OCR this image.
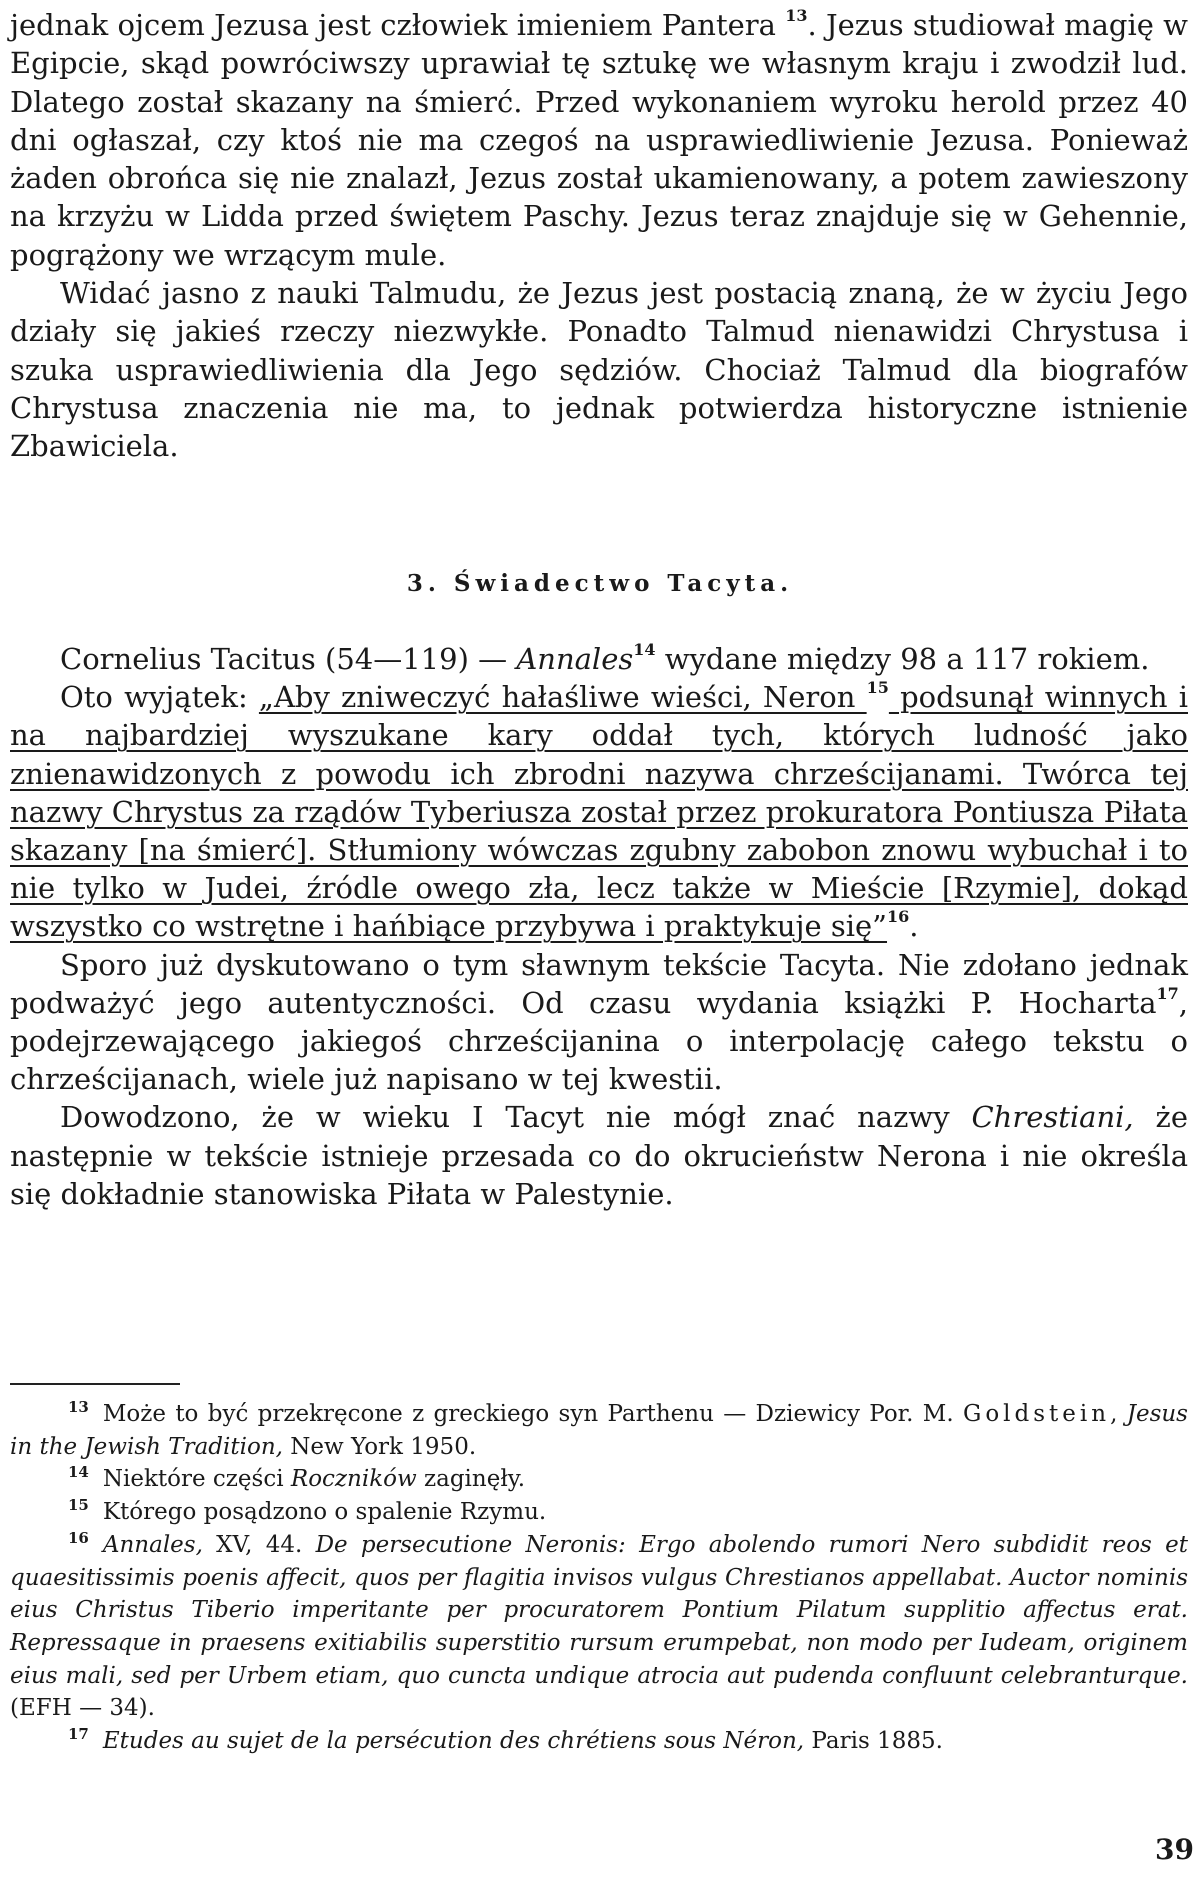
jednak ojcem Jezusa jest człowiek imieniem Pantera $^{13}$. Jezus studiował magię w Egipcie, skąd powróciwszy uprawiał tę sztukę we własnym kraju i zwodził lud. Dlatego został skazany na śmierć. Przed wykonaniem wyroku herold przez 40 dni ogłaszał, czy ktoś nie ma czegoś na usprawiedliwienie Jezusa. Ponieważ żaden obrońca się nie znalazł, Jezus został ukamienowany, a potem zawieszony na krzyżu w Lidda przed świętem Paschy. Jezus teraz znajduje się w Gehennie, pogrążony we wrzącym mule.

Widać jasno z nauki Talmudu, że Jezus jest postacią znaną, że w życiu Jego działy się jakieś rzeczy niezwykłe. Ponadto Talmud nienawidzi Chrystusa i szuka usprawiedliwienia dla Jego sędziów. Chociaż Talmud dla biografów Chrystusa znaczenia nie ma, to jednak potwierdza historyczne istnienie Zbawiciela.

3. Świadectwo Tacyta.

Cornelius Tacitus (54—119) — Annales$^{14}$ wydane między 98 a 117 rokiem.

Oto wyjątek: „Aby zniweczyć hałaśliwe wieści, Neron $^{15}$ podsunął winnych i na najbardziej wyszukane kary oddał tych, których ludność jako znienawidzonych z powodu ich zbrodni nazywa chrześcijanami. Twórca tej nazwy Chrystus za rządów Tyberiusza został przez prokuratora Pontiusza Piłata skazany [na śmierć]. Stłumiony wówczas zgubny zabobon znowu wybuchał i to nie tylko w Judei, źródle owego zła, lecz także w Mieście [Rzymie], dokąd wszystko co wstrętne i hańbiące przybywa i praktykuje się”$^{16}$.

Sporo już dyskutowano o tym sławnym tekście Tacyta. Nie zdołano jednak podważyć jego autentyczności. Od czasu wydania książki P. Hocharta$^{17}$, podejrzewającego jakiegoś chrześcijanina o interpolację całego tekstu o chrześcijanach, wiele już napisano w tej kwestii.

Dowodzono, że w wieku I Tacyt nie mógł znać nazwy Chrestiani, że następnie w tekście istnieje przesada co do okrucieństw Nerona i nie określa się dokładnie stanowiska Piłata w Palestynie.

$^{13}$ Może to być przekręcone z greckiego syn Parthenu — Dziewicy Por. M. Goldstein, Jesus in the Jewish Tradition, New York 1950.

$^{14}$ Niektóre części Roczników zaginęły.

$^{15}$ Którego posądzono o spalenie Rzymu.

$^{16}$ Annales, XV, 44. De persecutione Neronis: Ergo abolendo rumori Nero subdidit reos et quaesitissimis poenis affecit, quos per flagitia invisos vulgus Chrestianos appellabat. Auctor nominis eius Christus Tiberio imperitante per procuratorem Pontium Pilatum supplitio affectus erat. Repressaque in praesens exitiabilis superstitio rursum erumpebat, non modo per Iudeam, originem eius mali, sed per Urbem etiam, quo cuncta undique atrocia aut pudenda confluunt celebranturque. (EFH — 34).

$^{17}$ Etudes au sujet de la persécution des chrétiens sous Néron, Paris 1885.

39
